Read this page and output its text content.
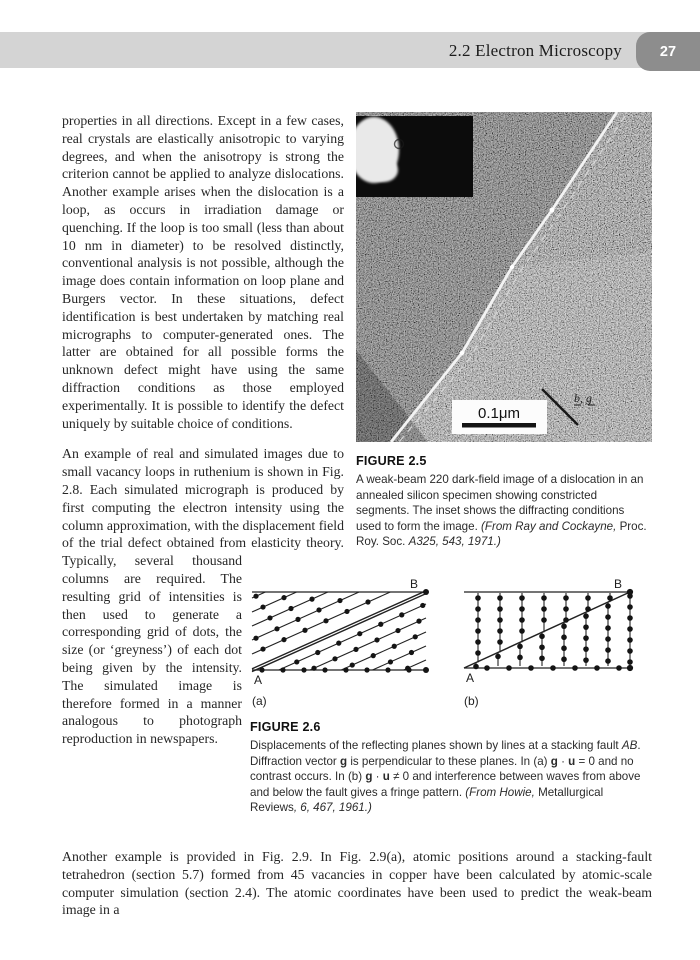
2.2 Electron Microscopy	27
0.1μm
b, g
FIGURE 2.5
A weak-beam 220 dark-field image of a dislocation in an annealed silicon specimen showing constricted segments. The inset shows the diffracting conditions used to form the image. (From Ray and Cockayne, Proc. Roy. Soc. A325, 543, 1971.)
B
A
(a)
B
A
(b)
FIGURE 2.6
Displacements of the reflecting planes shown by lines at a stacking fault AB. Diffraction vector g is perpendicular to these planes. In (a) g · u = 0 and no contrast occurs. In (b) g · u ≠ 0 and interference between waves from above and below the fault gives a fringe pattern. (From Howie, Metallurgical Reviews, 6, 467, 1961.)

properties in all directions. Except in a few cases, real crystals are elastically anisotropic to varying degrees, and when the anisotropy is strong the criterion cannot be applied to analyze dislocations. Another example arises when the dislocation is a loop, as occurs in irradiation damage or quenching. If the loop is too small (less than about 10 nm in diameter) to be resolved distinctly, conventional analysis is not possible, although the image does contain information on loop plane and Burgers vector. In these situations, defect identification is best undertaken by matching real micrographs to computer-generated ones. The latter are obtained for all possible forms the unknown defect might have using the same diffraction conditions as those employed experimentally. It is possible to identify the defect uniquely by suitable choice of conditions.

An example of real and simulated images due to small vacancy loops in ruthenium is shown in Fig. 2.8. Each simulated micrograph is produced by first computing the electron intensity using the column approximation, with the displacement field of the trial defect obtained from elasticity theory. Typically, several thousand columns are required. The resulting grid of intensities is then used to generate a corresponding grid of dots, the size (or ‘greyness’) of each dot being given by the intensity. The simulated image is therefore formed in a manner analogous to photograph reproduction in newspapers.

Another example is provided in Fig. 2.9. In Fig. 2.9(a), atomic positions around a stacking-fault tetrahedron (section 5.7) formed from 45 vacancies in copper have been calculated by atomic-scale computer simulation (section 2.4). The atomic coordinates have been used to predict the weak-beam image in a
